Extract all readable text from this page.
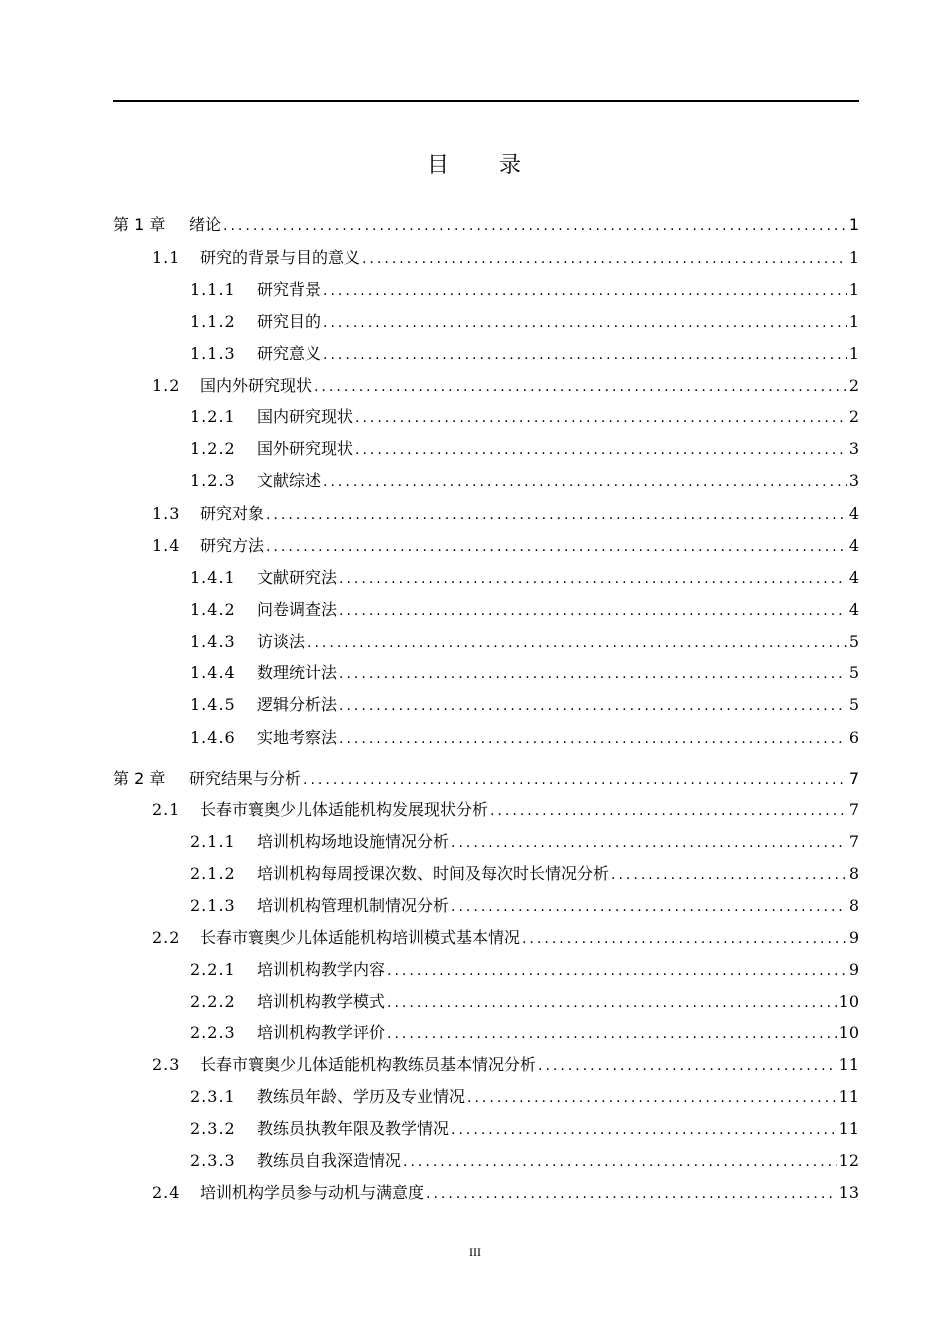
目　　录
第 1 章	绪论 .....	1
1.1	研究的背景与目的意义 .....	1
1.1.1	研究背景 .....	1
1.1.2	研究目的 .....	1
1.1.3	研究意义 .....	1
1.2	国内外研究现状 .....	2
1.2.1	国内研究现状 .....	2
1.2.2	国外研究现状 .....	3
1.2.3	文献综述 .....	3
1.3	研究对象 .....	4
1.4	研究方法 .....	4
1.4.1	文献研究法 .....	4
1.4.2	问卷调查法 .....	4
1.4.3	访谈法 .....	5
1.4.4	数理统计法 .....	5
1.4.5	逻辑分析法 .....	5
1.4.6	实地考察法 .....	6
第 2 章	研究结果与分析 .....	7
2.1	长春市寰奥少儿体适能机构发展现状分析 .....	7
2.1.1	培训机构场地设施情况分析 .....	7
2.1.2	培训机构每周授课次数、时间及每次时长情况分析 .....	8
2.1.3	培训机构管理机制情况分析 .....	8
2.2	长春市寰奥少儿体适能机构培训模式基本情况 .....	9
2.2.1	培训机构教学内容 .....	9
2.2.2	培训机构教学模式 .....	10
2.2.3	培训机构教学评价 .....	10
2.3	长春市寰奥少儿体适能机构教练员基本情况分析 .....	11
2.3.1	教练员年龄、学历及专业情况 .....	11
2.3.2	教练员执教年限及教学情况 .....	11
2.3.3	教练员自我深造情况 .....	12
2.4	培训机构学员参与动机与满意度 .....	13
III
